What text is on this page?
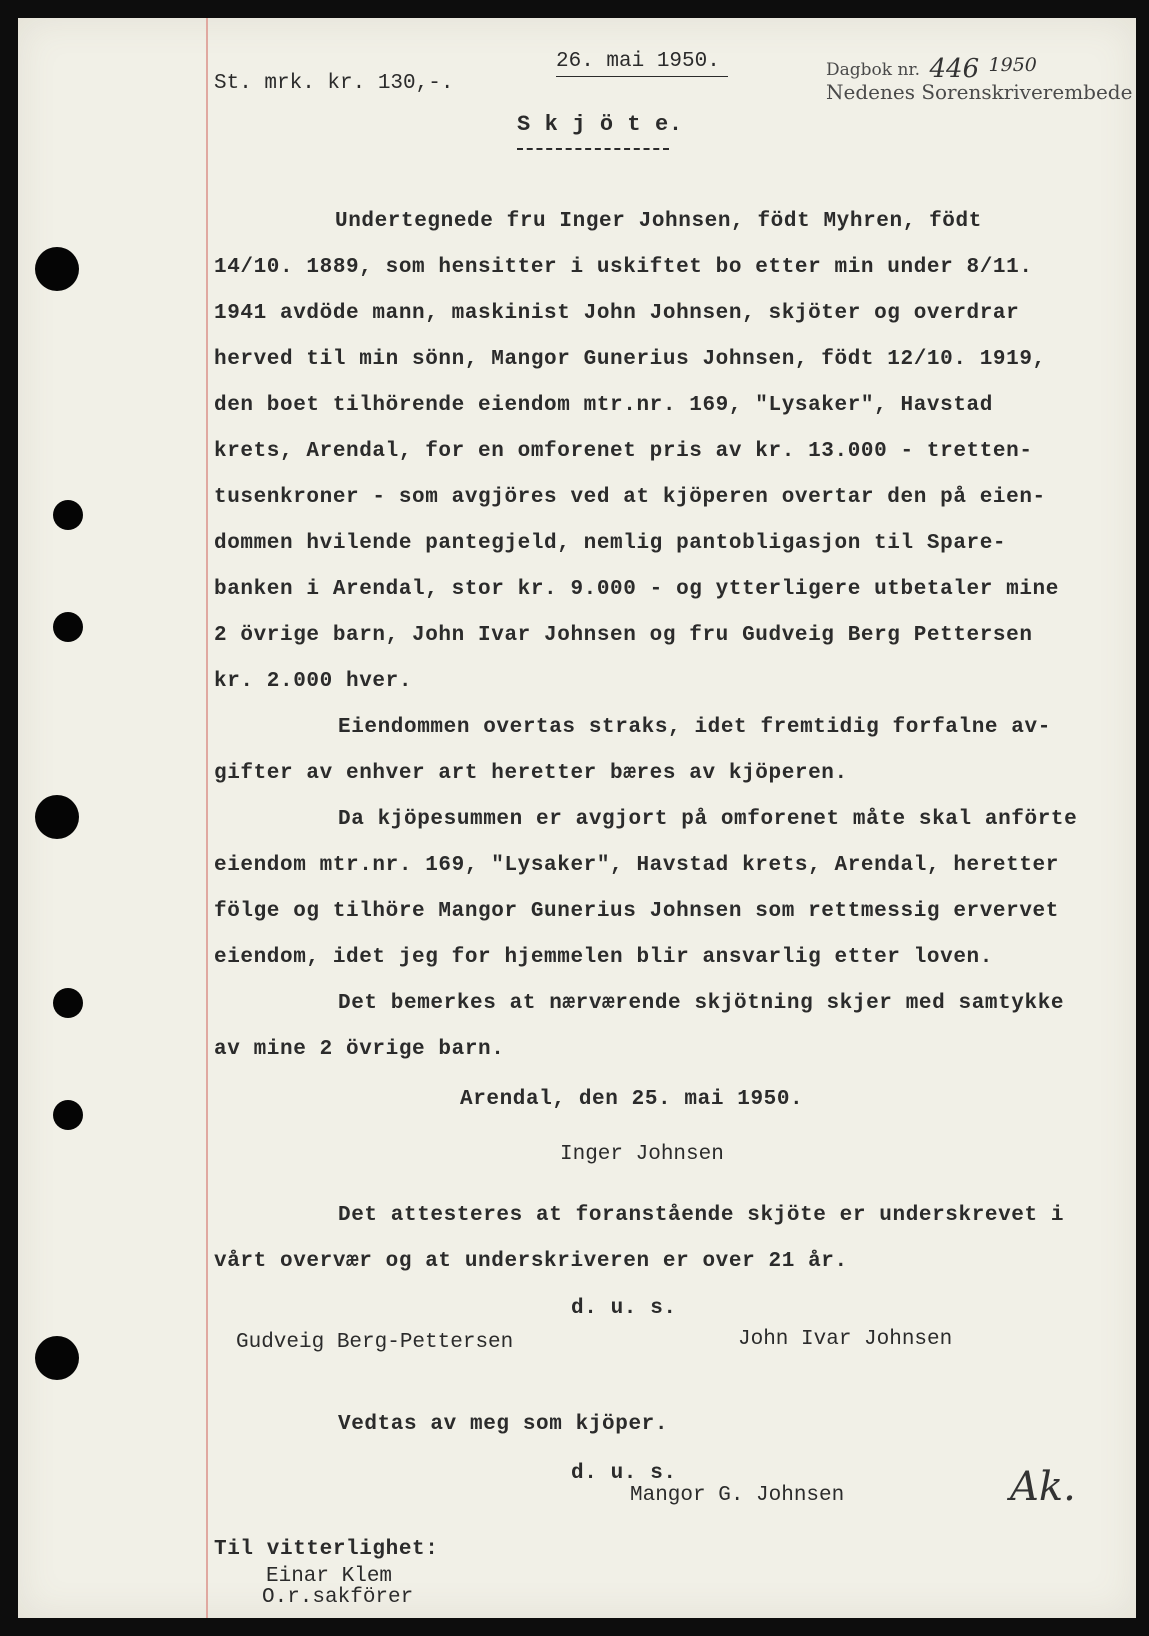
St. mrk. kr. 130,-.

26. mai 1950.	Dagbok nr. 446 1950
Nedenes Sorenskriverembede

S k j ö t e.

Undertegnede fru Inger Johnsen, födt Myhren, födt

14/10. 1889, som hensitter i uskiftet bo etter min under 8/11.

1941 avdöde mann, maskinist John Johnsen, skjöter og overdrar

herved til min sönn, Mangor Gunerius Johnsen, födt 12/10. 1919,

den boet tilhörende eiendom mtr.nr. 169, "Lysaker", Havstad

krets, Arendal, for en omforenet pris av kr. 13.000 - tretten-

tusenkroner - som avgjöres ved at kjöperen overtar den på eien-

dommen hvilende pantegjeld, nemlig pantobligasjon til Spare-

banken i Arendal, stor kr. 9.000 - og ytterligere utbetaler mine

2 övrige barn, John Ivar Johnsen og fru Gudveig Berg Pettersen

kr. 2.000 hver.

Eiendommen overtas straks, idet fremtidig forfalne av-

gifter av enhver art heretter bæres av kjöperen.

Da kjöpesummen er avgjort på omforenet måte skal anförte

eiendom mtr.nr. 169, "Lysaker", Havstad krets, Arendal, heretter

fölge og tilhöre Mangor Gunerius Johnsen som rettmessig ervervet

eiendom, idet jeg for hjemmelen blir ansvarlig etter loven.

Det bemerkes at nærværende skjötning skjer med samtykke

av mine 2 övrige barn.

Arendal, den 25. mai 1950.

Inger Johnsen

Det attesteres at foranstående skjöte er underskrevet i

vårt overvær og at underskriveren er over 21 år.

d. u. s.

Gudveig Berg-Pettersen	John Ivar Johnsen

Vedtas av meg som kjöper.

d. u. s.

Mangor G. Johnsen	Ak.

Til vitterlighet:

Einar Klem

O.r.sakförer
